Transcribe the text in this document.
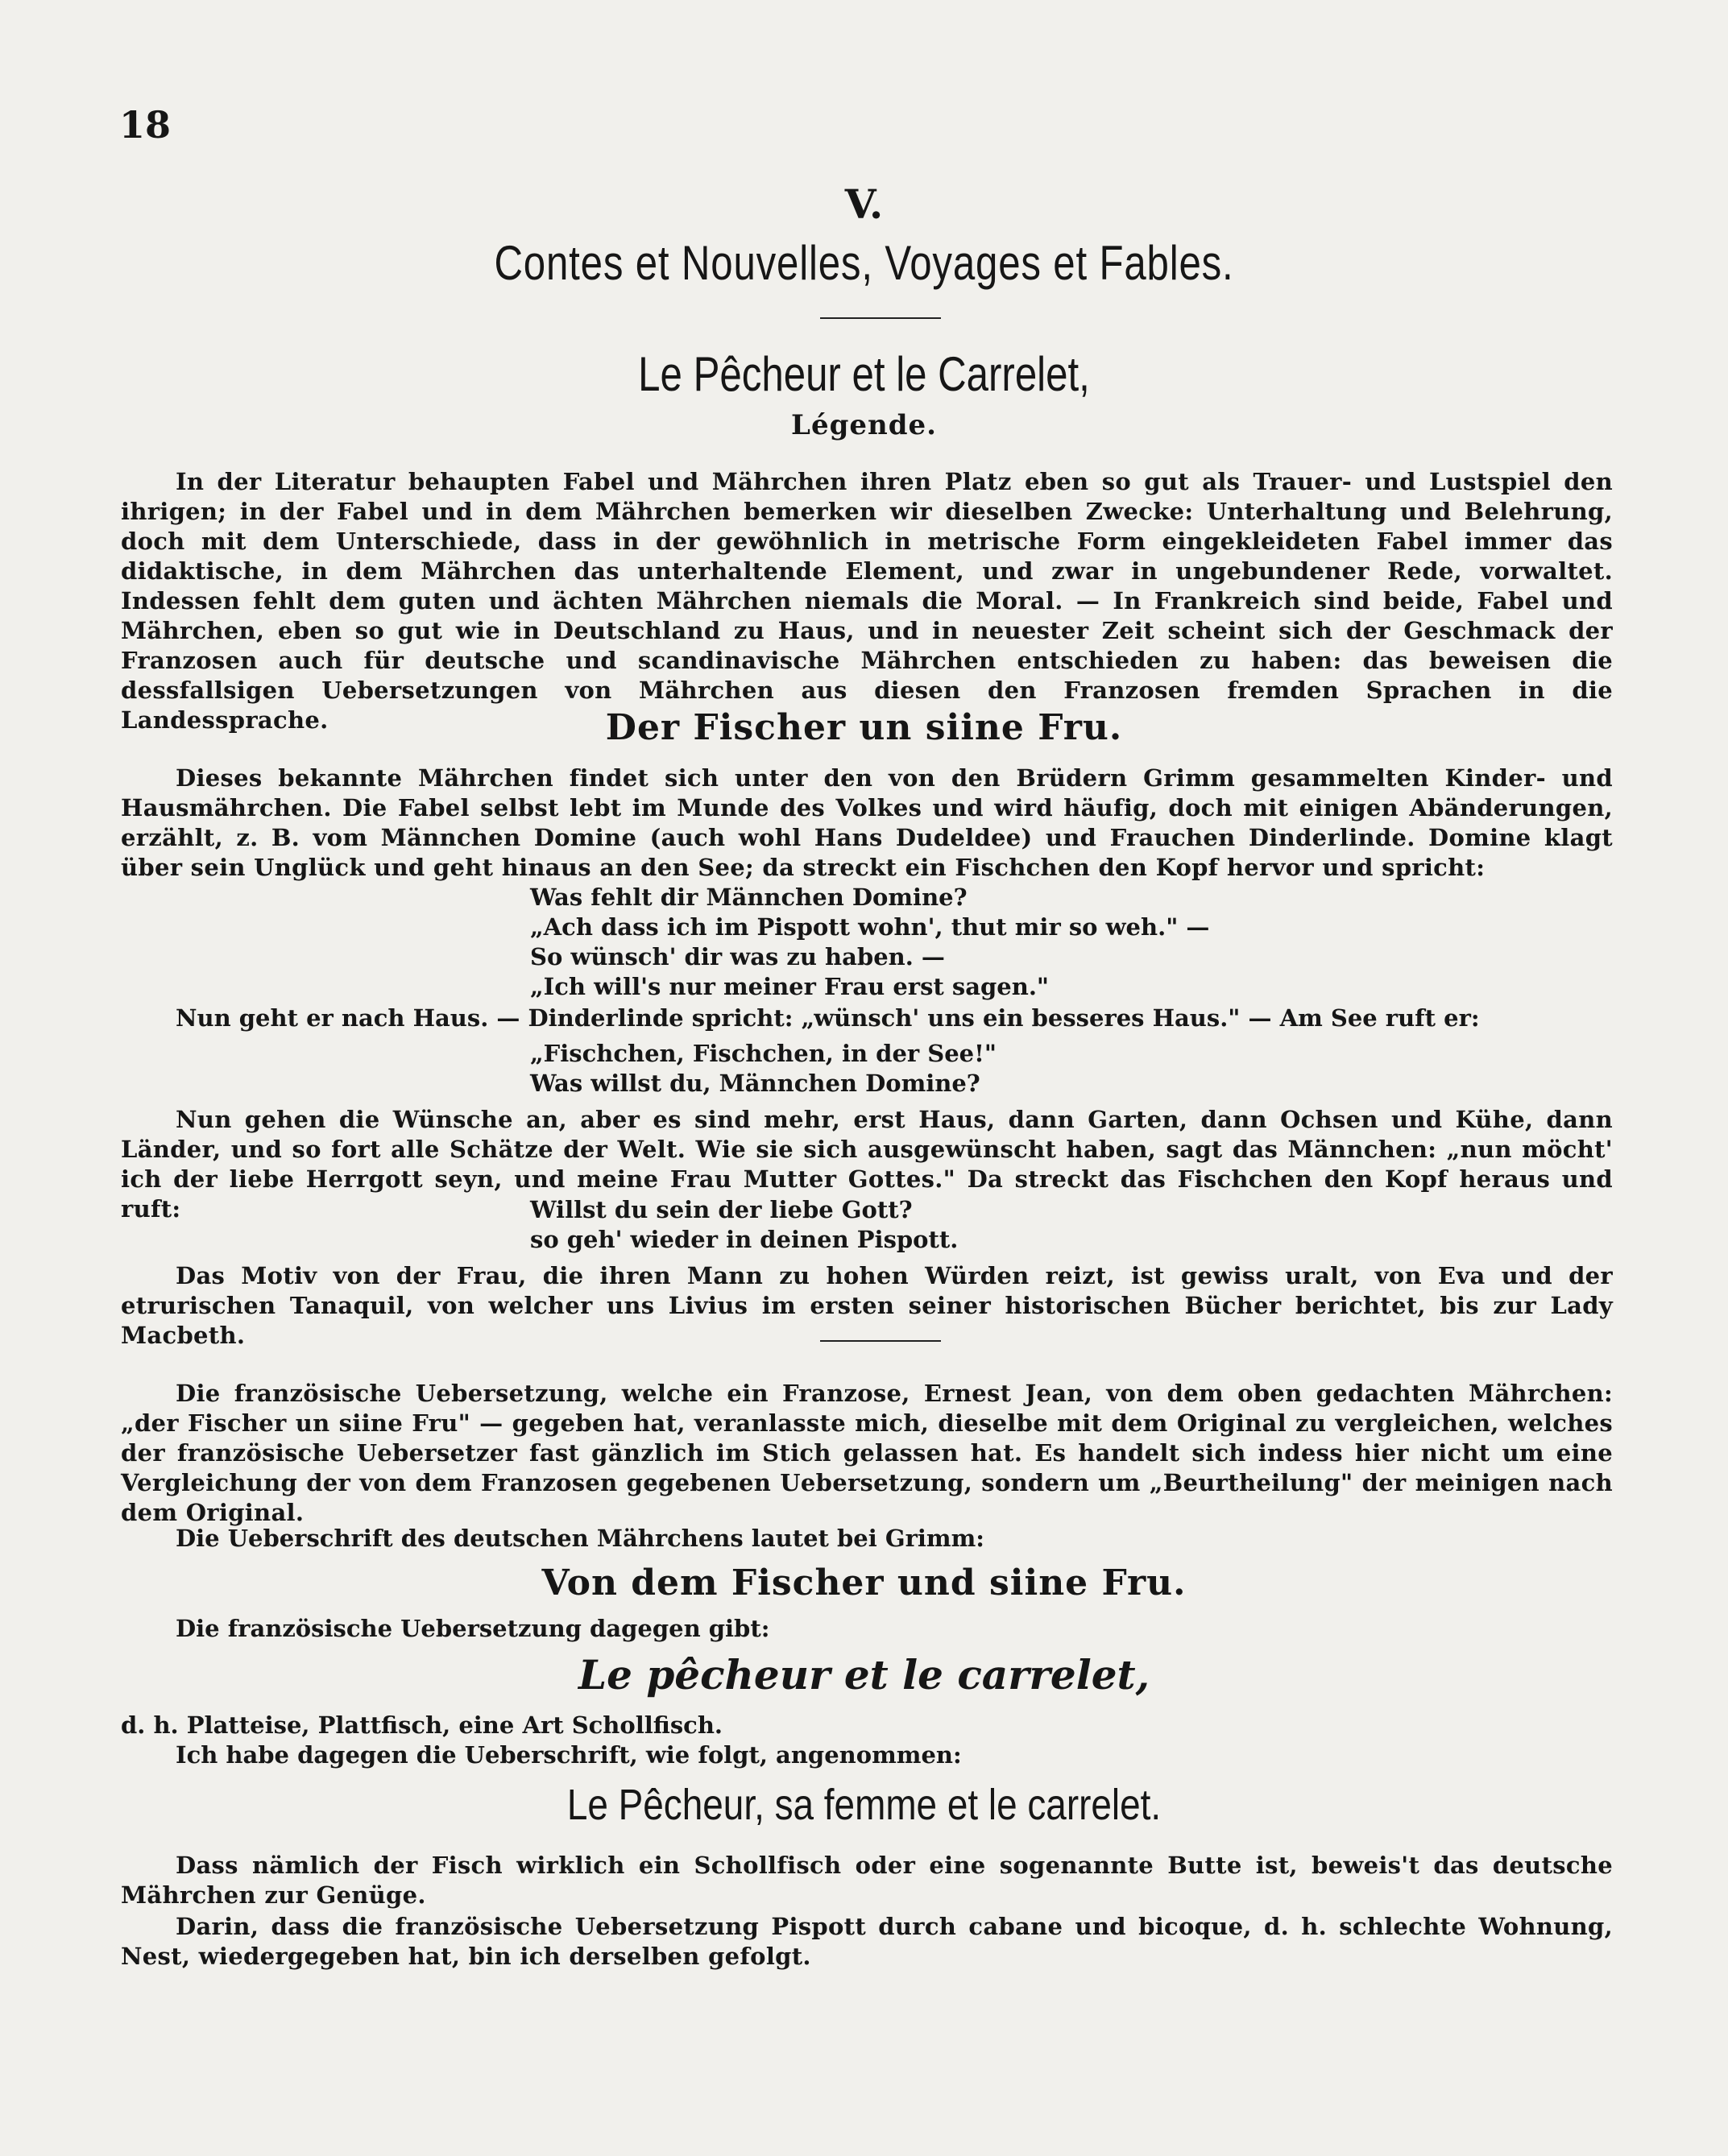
18
V.
Contes et Nouvelles, Voyages et Fables.
Le Pêcheur et le Carrelet,
Légende.
In der Literatur behaupten Fabel und Mährchen ihren Platz eben so gut als Trauer- und Lustspiel den ihrigen; in der Fabel und in dem Mährchen bemerken wir dieselben Zwecke: Unterhaltung und Belehrung, doch mit dem Unterschiede, dass in der gewöhnlich in metrische Form eingekleideten Fabel immer das didaktische, in dem Mährchen das unterhaltende Element, und zwar in ungebundener Rede, vorwaltet. Indessen fehlt dem guten und ächten Mährchen niemals die Moral. — In Frankreich sind beide, Fabel und Mährchen, eben so gut wie in Deutschland zu Haus, und in neuester Zeit scheint sich der Geschmack der Franzosen auch für deutsche und scandinavische Mährchen entschieden zu haben: das beweisen die dessfallsigen Uebersetzungen von Mährchen aus diesen den Franzosen fremden Sprachen in die Landessprache.	Der Fischer un siine Fru.
Dieses bekannte Mährchen findet sich unter den von den Brüdern Grimm gesammelten Kinder- und Hausmährchen. Die Fabel selbst lebt im Munde des Volkes und wird häufig, doch mit einigen Abänderungen, erzählt, z. B. vom Männchen Domine (auch wohl Hans Dudeldee) und Frauchen Dinderlinde. Domine klagt über sein Unglück und geht hinaus an den See; da streckt ein Fischchen den Kopf hervor und spricht:
Was fehlt dir Männchen Domine?
„Ach dass ich im Pispott wohn', thut mir so weh." —
So wünsch' dir was zu haben. —
„Ich will's nur meiner Frau erst sagen."
Nun geht er nach Haus. — Dinderlinde spricht: „wünsch' uns ein besseres Haus." — Am See ruft er:
„Fischchen, Fischchen, in der See!"
Was willst du, Männchen Domine?
Nun gehen die Wünsche an, aber es sind mehr, erst Haus, dann Garten, dann Ochsen und Kühe, dann Länder, und so fort alle Schätze der Welt. Wie sie sich ausgewünscht haben, sagt das Männchen: „nun möcht' ich der liebe Herrgott seyn, und meine Frau Mutter Gottes." Da streckt das Fischchen den Kopf heraus und ruft:	Willst du sein der liebe Gott?
so geh' wieder in deinen Pispott.
Das Motiv von der Frau, die ihren Mann zu hohen Würden reizt, ist gewiss uralt, von Eva und der etrurischen Tanaquil, von welcher uns Livius im ersten seiner historischen Bücher berichtet, bis zur Lady Macbeth.
Die französische Uebersetzung, welche ein Franzose, Ernest Jean, von dem oben gedachten Mährchen: „der Fischer un siine Fru" — gegeben hat, veranlasste mich, dieselbe mit dem Original zu vergleichen, welches der französische Uebersetzer fast gänzlich im Stich gelassen hat. Es handelt sich indess hier nicht um eine Vergleichung der von dem Franzosen gegebenen Uebersetzung, sondern um „Beurtheilung" der meinigen nach dem Original.
Die Ueberschrift des deutschen Mährchens lautet bei Grimm:
Von dem Fischer und siine Fru.
Die französische Uebersetzung dagegen gibt:
Le pêcheur et le carrelet,
d. h. Platteise, Plattfisch, eine Art Schollfisch.
Ich habe dagegen die Ueberschrift, wie folgt, angenommen:
Le Pêcheur, sa femme et le carrelet.
Dass nämlich der Fisch wirklich ein Schollfisch oder eine sogenannte Butte ist, beweis't das deutsche Mährchen zur Genüge.
Darin, dass die französische Uebersetzung Pispott durch cabane und bicoque, d. h. schlechte Wohnung, Nest, wiedergegeben hat, bin ich derselben gefolgt.
